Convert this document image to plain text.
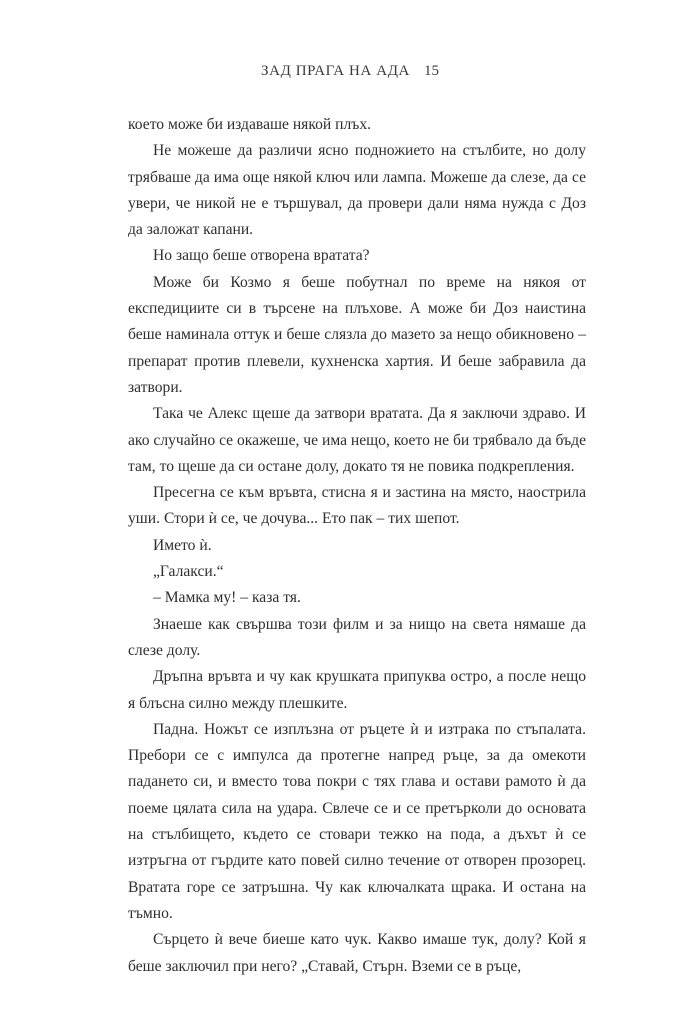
ЗАД ПРАГА НА АДА 15

което може би издаваше някой плъх.

Не можеше да различи ясно подножието на стълбите, но долу трябваше да има още някой ключ или лампа. Можеше да слезе, да се увери, че никой не е тършувал, да провери дали няма нужда с Доз да заложат капани.

Но защо беше отворена вратата?

Може би Козмо я беше побутнал по време на някоя от експедициите си в търсене на плъхове. А може би Доз наистина беше наминала оттук и беше слязла до мазето за нещо обикновено – препарат против плевели, кухненска хартия. И беше забравила да затвори.

Така че Алекс щеше да затвори вратата. Да я заключи здраво. И ако случайно се окажеше, че има нещо, което не би трябвало да бъде там, то щеше да си остане долу, докато тя не повика подкрепления.

Пресегна се към връвта, стисна я и застина на място, наострила уши. Стори ѝ се, че дочува... Ето пак – тих шепот.

Името ѝ.

„Галакси.“

– Мамка му! – каза тя.

Знаеше как свършва този филм и за нищо на света нямаше да слезе долу.

Дръпна връвта и чу как крушката припуква остро, а после нещо я блъсна силно между плешките.

Падна. Ножът се изплъзна от ръцете ѝ и изтрака по стъпалата. Пребори се с импулса да протегне напред ръце, за да омекоти падането си, и вместо това покри с тях глава и остави рамото ѝ да поеме цялата сила на удара. Свлече се и се претърколи до основата на стълбището, където се стовари тежко на пода, а дъхът ѝ се изтръгна от гърдите като повей силно течение от отворен прозорец. Вратата горе се затръшна. Чу как ключалката щрака. И остана на тъмно.

Сърцето ѝ вече биеше като чук. Какво имаше тук, долу? Кой я беше заключил при него? „Ставай, Стърн. Вземи се в ръце,
